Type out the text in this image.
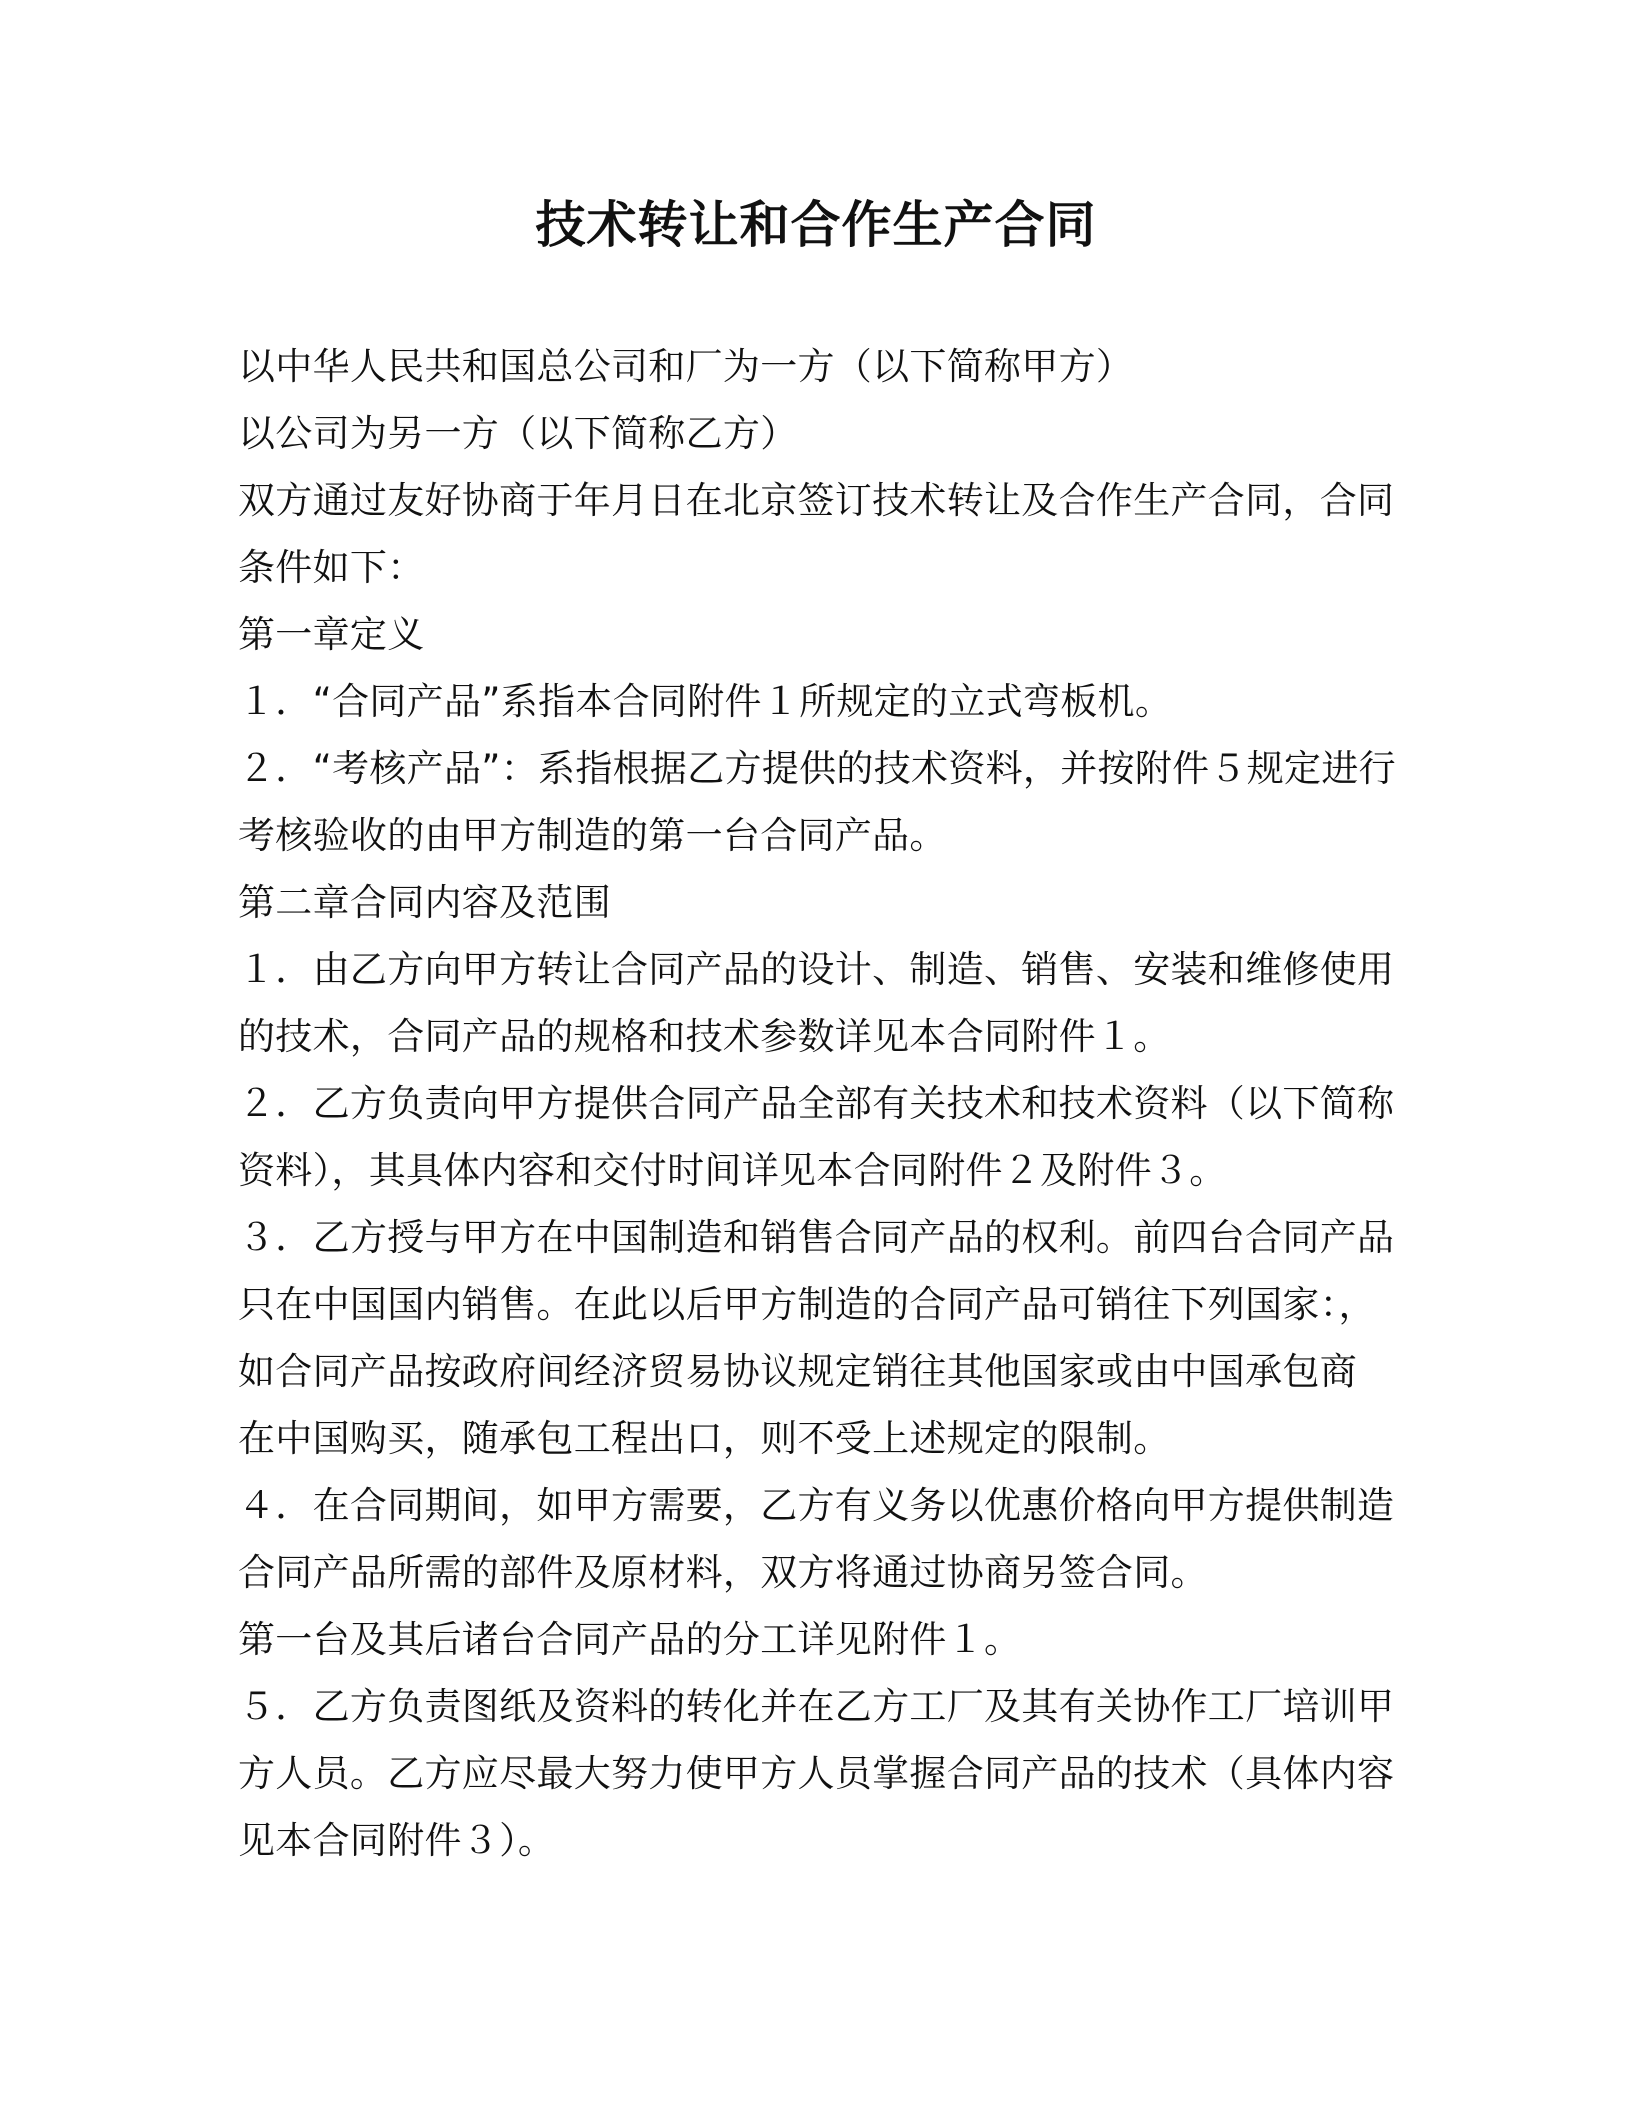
技术转让和合作生产合同
以中华人民共和国总公司和厂为一方（以下简称甲方）
以公司为另一方（以下简称乙方）
双方通过友好协商于年月日在北京签订技术转让及合作生产合同，合同
条件如下：
第一章定义
１．“合同产品”系指本合同附件１所规定的立式弯板机。
２．“考核产品”：系指根据乙方提供的技术资料，并按附件５规定进行
考核验收的由甲方制造的第一台合同产品。
第二章合同内容及范围
１．由乙方向甲方转让合同产品的设计、制造、销售、安装和维修使用
的技术，合同产品的规格和技术参数详见本合同附件１。
２．乙方负责向甲方提供合同产品全部有关技术和技术资料（以下简称
资料），其具体内容和交付时间详见本合同附件２及附件３。
３．乙方授与甲方在中国制造和销售合同产品的权利。前四台合同产品
只在中国国内销售。在此以后甲方制造的合同产品可销往下列国家：，
如合同产品按政府间经济贸易协议规定销往其他国家或由中国承包商
在中国购买，随承包工程出口，则不受上述规定的限制。
４．在合同期间，如甲方需要，乙方有义务以优惠价格向甲方提供制造
合同产品所需的部件及原材料，双方将通过协商另签合同。
第一台及其后诸台合同产品的分工详见附件１。
５．乙方负责图纸及资料的转化并在乙方工厂及其有关协作工厂培训甲
方人员。乙方应尽最大努力使甲方人员掌握合同产品的技术（具体内容
见本合同附件３）。
